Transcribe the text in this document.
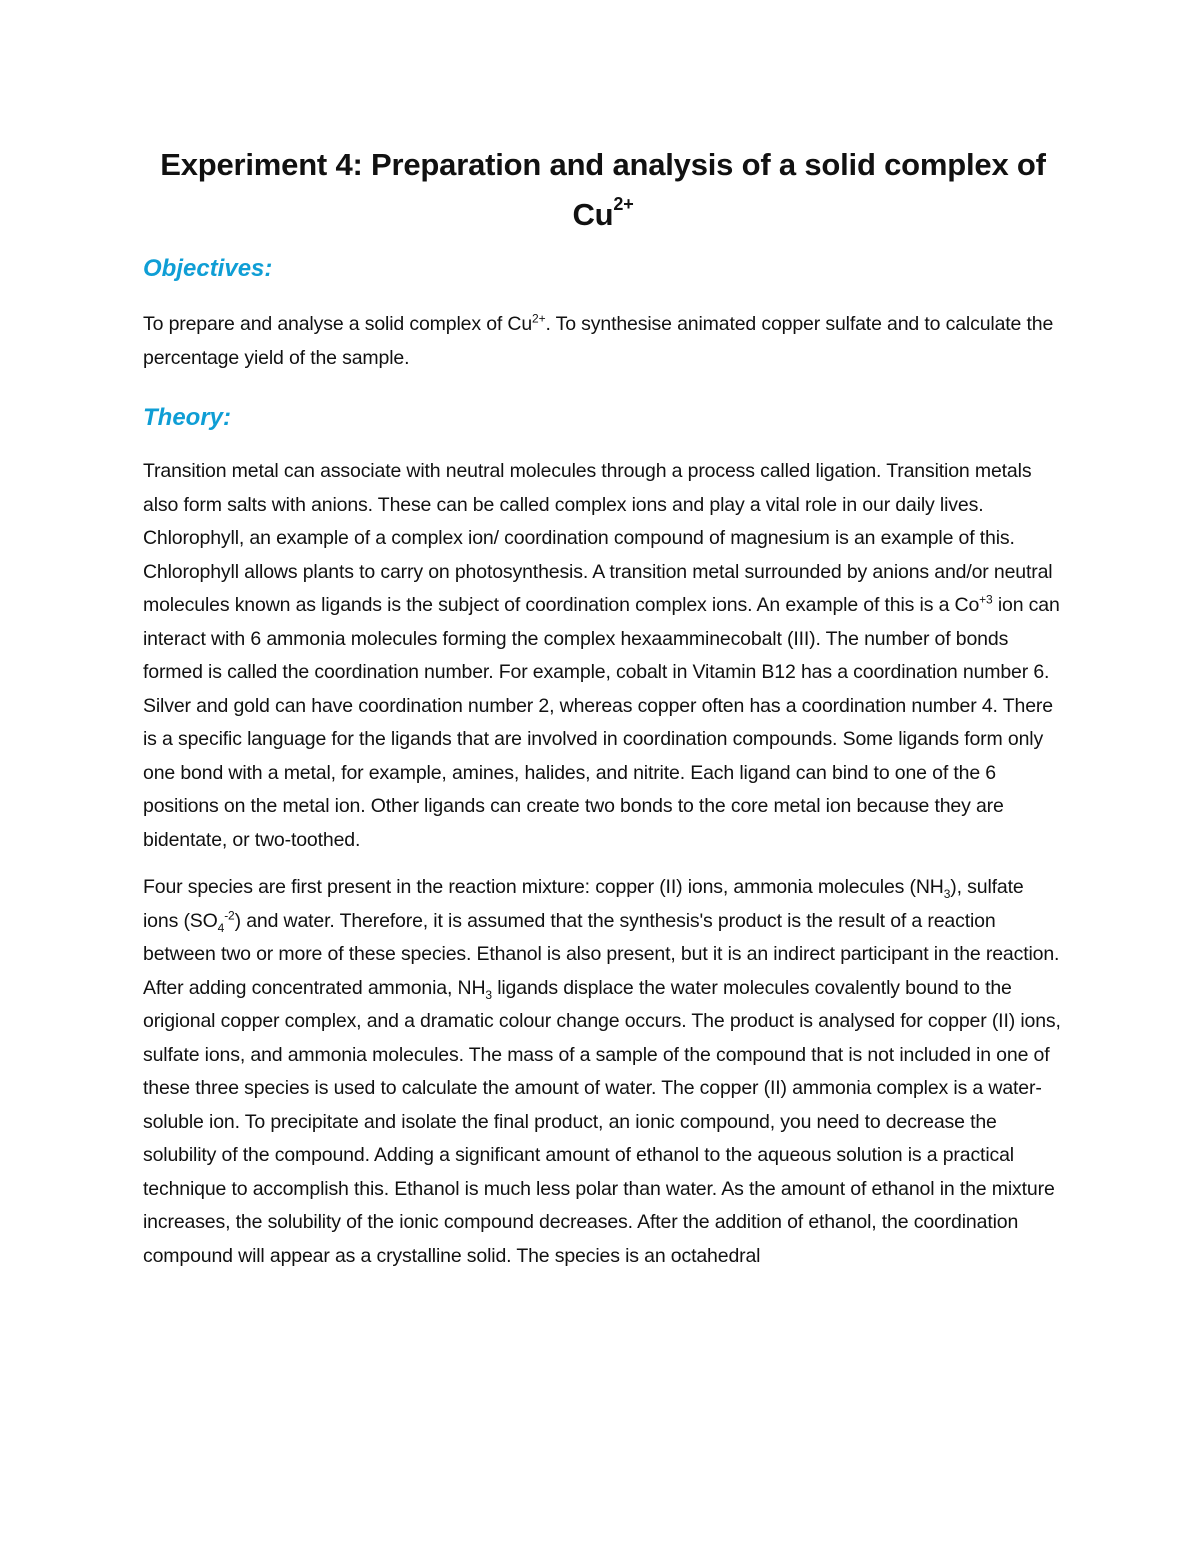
Experiment 4: Preparation and analysis of a solid complex of $Cu^{2+}$
Objectives:

To prepare and analyse a solid complex of $Cu^{2+}$. To synthesise animated copper sulfate and to calculate the percentage yield of the sample.

Theory:

Transition metal can associate with neutral molecules through a process called ligation. Transition metals also form salts with anions. These can be called complex ions and play a vital role in our daily lives. Chlorophyll, an example of a complex ion/ coordination compound of magnesium is an example of this. Chlorophyll allows plants to carry on photosynthesis. A transition metal surrounded by anions and/or neutral molecules known as ligands is the subject of coordination complex ions. An example of this is a $Co^{+3}$ ion can interact with 6 ammonia molecules forming the complex hexaamminecobalt (III). The number of bonds formed is called the coordination number. For example, cobalt in Vitamin B12 has a coordination number 6. Silver and gold can have coordination number 2, whereas copper often has a coordination number 4. There is a specific language for the ligands that are involved in coordination compounds. Some ligands form only one bond with a metal, for example, amines, halides, and nitrite. Each ligand can bind to one of the 6 positions on the metal ion. Other ligands can create two bonds to the core metal ion because they are bidentate, or two-toothed.

Four species are first present in the reaction mixture: copper (II) ions, ammonia molecules $(NH_3)$, sulfate ions $(SO_4^{-2})$ and water. Therefore, it is assumed that the synthesis's product is the result of a reaction between two or more of these species. Ethanol is also present, but it is an indirect participant in the reaction. After adding concentrated ammonia, $NH_3$ ligands displace the water molecules covalently bound to the origional copper complex, and a dramatic colour change occurs. The product is analysed for copper (II) ions, sulfate ions, and ammonia molecules. The mass of a sample of the compound that is not included in one of these three species is used to calculate the amount of water. The copper (II) ammonia complex is a water-soluble ion. To precipitate and isolate the final product, an ionic compound, you need to decrease the solubility of the compound. Adding a significant amount of ethanol to the aqueous solution is a practical technique to accomplish this. Ethanol is much less polar than water. As the amount of ethanol in the mixture increases, the solubility of the ionic compound decreases. After the addition of ethanol, the coordination compound will appear as a crystalline solid. The species is an octahedral
